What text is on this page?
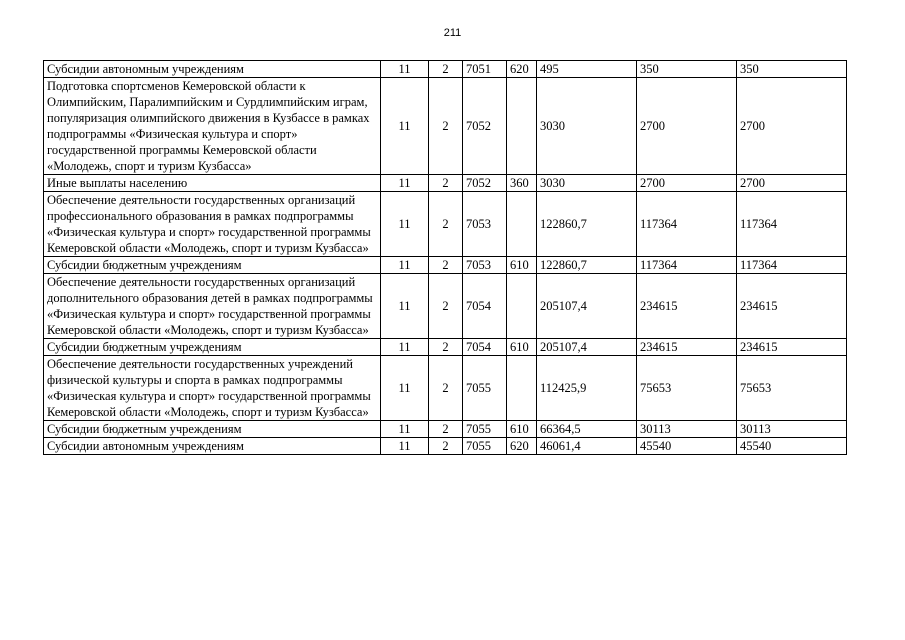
211
Субсидии автономным учреждениям	11	2	7051	620	495	350	350
Подготовка спортсменов Кемеровской области к Олимпийским, Паралимпийским и Сурдлимпийским играм, популяризация олимпийского движения в Кузбассе в рамках подпрограммы «Физическая культура и спорт» государственной программы Кемеровской области «Молодежь, спорт и туризм Кузбасса»	11	2	7052		3030	2700	2700
Иные выплаты населению	11	2	7052	360	3030	2700	2700
Обеспечение деятельности государственных организаций профессионального образования в рамках подпрограммы «Физическая культура и спорт» государственной программы Кемеровской области «Молодежь, спорт и туризм Кузбасса»	11	2	7053		122860,7	117364	117364
Субсидии бюджетным учреждениям	11	2	7053	610	122860,7	117364	117364
Обеспечение деятельности государственных организаций дополнительного образования детей в рамках подпрограммы «Физическая культура и спорт» государственной программы Кемеровской области «Молодежь, спорт и туризм Кузбасса»	11	2	7054		205107,4	234615	234615
Субсидии бюджетным учреждениям	11	2	7054	610	205107,4	234615	234615
Обеспечение деятельности государственных учреждений физической культуры и спорта в рамках подпрограммы «Физическая культура и спорт» государственной программы Кемеровской области «Молодежь, спорт и туризм Кузбасса»	11	2	7055		112425,9	75653	75653
Субсидии бюджетным учреждениям	11	2	7055	610	66364,5	30113	30113
Субсидии автономным учреждениям	11	2	7055	620	46061,4	45540	45540
